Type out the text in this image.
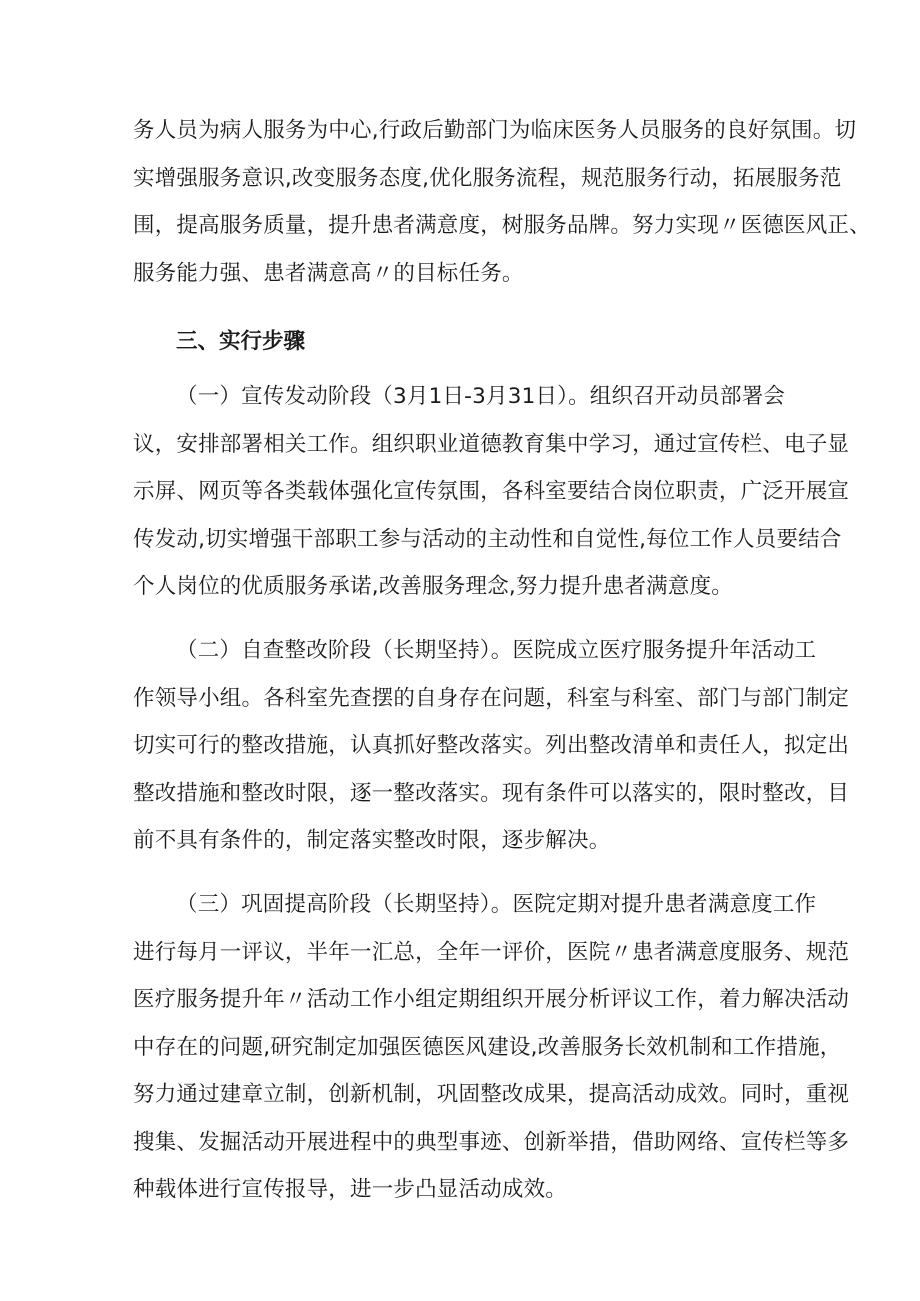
务人员为病人服务为中心,行政后勤部门为临床医务人员服务的良好氛围。切
实增强服务意识,改变服务态度,优化服务流程，规范服务行动，拓展服务范
围，提高服务质量，提升患者满意度，树服务品牌。努力实现〃医德医风正、
服务能力强、患者满意高〃的目标任务。
三、实行步骤
（一）宣传发动阶段（3月1日-3月31日）。组织召开动员部署会
议，安排部署相关工作。组织职业道德教育集中学习，通过宣传栏、电子显
示屏、网页等各类载体强化宣传氛围，各科室要结合岗位职责，广泛开展宣
传发动,切实增强干部职工参与活动的主动性和自觉性,每位工作人员要结合
个人岗位的优质服务承诺,改善服务理念,努力提升患者满意度。
（二）自查整改阶段（长期坚持）。医院成立医疗服务提升年活动工
作领导小组。各科室先查摆的自身存在问题，科室与科室、部门与部门制定
切实可行的整改措施，认真抓好整改落实。列出整改清单和责任人，拟定出
整改措施和整改时限，逐一整改落实。现有条件可以落实的，限时整改，目
前不具有条件的，制定落实整改时限，逐步解决。
（三）巩固提高阶段（长期坚持）。医院定期对提升患者满意度工作
进行每月一评议，半年一汇总，全年一评价，医院〃患者满意度服务、规范
医疗服务提升年〃活动工作小组定期组织开展分析评议工作，着力解决活动
中存在的问题,研究制定加强医德医风建设,改善服务长效机制和工作措施，
努力通过建章立制，创新机制，巩固整改成果，提高活动成效。同时，重视
搜集、发掘活动开展进程中的典型事迹、创新举措，借助网络、宣传栏等多
种载体进行宣传报导，进一步凸显活动成效。
